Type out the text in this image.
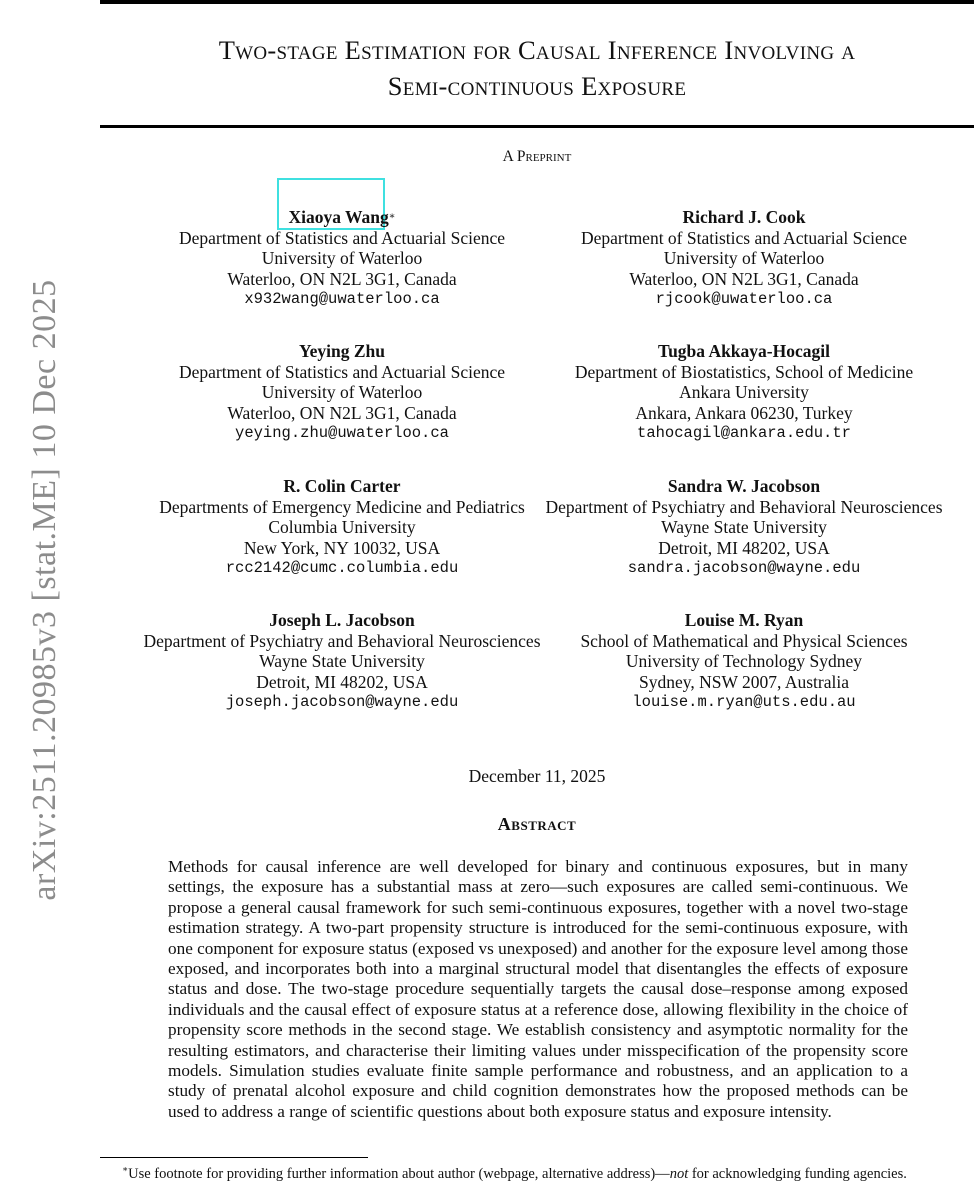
arXiv:2511.20985v3 [stat.ME] 10 Dec 2025
Two-stage Estimation for Causal Inference Involving a
Semi-continuous Exposure
A Preprint
Xiaoya Wang∗
Department of Statistics and Actuarial Science
University of Waterloo
Waterloo, ON N2L 3G1, Canada
x932wang@uwaterloo.ca
Richard J. Cook
Department of Statistics and Actuarial Science
University of Waterloo
Waterloo, ON N2L 3G1, Canada
rjcook@uwaterloo.ca
Yeying Zhu
Department of Statistics and Actuarial Science
University of Waterloo
Waterloo, ON N2L 3G1, Canada
yeying.zhu@uwaterloo.ca
Tugba Akkaya-Hocagil
Department of Biostatistics, School of Medicine
Ankara University
Ankara, Ankara 06230, Turkey
tahocagil@ankara.edu.tr
R. Colin Carter
Departments of Emergency Medicine and Pediatrics
Columbia University
New York, NY 10032, USA
rcc2142@cumc.columbia.edu
Sandra W. Jacobson
Department of Psychiatry and Behavioral Neurosciences
Wayne State University
Detroit, MI 48202, USA
sandra.jacobson@wayne.edu
Joseph L. Jacobson
Department of Psychiatry and Behavioral Neurosciences
Wayne State University
Detroit, MI 48202, USA
joseph.jacobson@wayne.edu
Louise M. Ryan
School of Mathematical and Physical Sciences
University of Technology Sydney
Sydney, NSW 2007, Australia
louise.m.ryan@uts.edu.au
December 11, 2025
Abstract
Methods for causal inference are well developed for binary and continuous exposures, but in many settings, the exposure has a substantial mass at zero—such exposures are called semi-continuous. We propose a general causal framework for such semi-continuous exposures, together with a novel two-stage estimation strategy. A two-part propensity structure is introduced for the semi-continuous exposure, with one component for exposure status (exposed vs unexposed) and another for the exposure level among those exposed, and incorporates both into a marginal structural model that disentangles the effects of exposure status and dose. The two-stage procedure sequentially targets the causal dose–response among exposed individuals and the causal effect of exposure status at a reference dose, allowing flexibility in the choice of propensity score methods in the second stage. We establish consistency and asymptotic normality for the resulting estimators, and characterise their limiting values under misspecification of the propensity score models. Simulation studies evaluate finite sample performance and robustness, and an application to a study of prenatal alcohol exposure and child cognition demonstrates how the proposed methods can be used to address a range of scientific questions about both exposure status and exposure intensity.
∗Use footnote for providing further information about author (webpage, alternative address)—not for acknowledging funding agencies.
